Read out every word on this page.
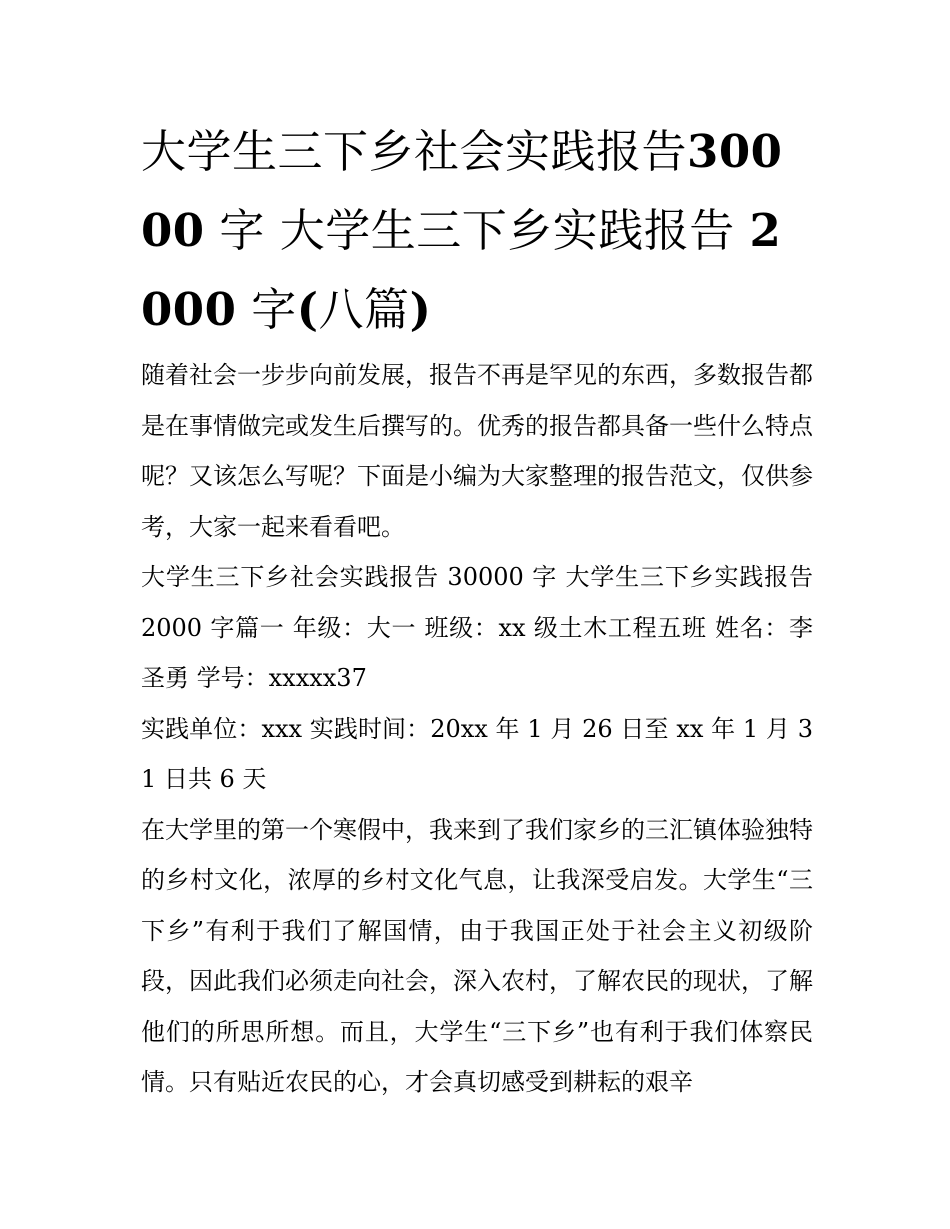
大学生三下乡社会实践报告30000 字 大学生三下乡实践报告 2000 字(八篇)

随着社会一步步向前发展，报告不再是罕见的东西，多数报告都是在事情做完或发生后撰写的。优秀的报告都具备一些什么特点呢？又该怎么写呢？下面是小编为大家整理的报告范文，仅供参考，大家一起来看看吧。

大学生三下乡社会实践报告 30000 字 大学生三下乡实践报告 2000 字篇一 年级：大一 班级：xx 级土木工程五班 姓名：李圣勇 学号：xxxxx37

实践单位：xxx 实践时间：20xx 年 1 月 26 日至 xx 年 1 月 31 日共 6 天

在大学里的第一个寒假中，我来到了我们家乡的三汇镇体验独特的乡村文化，浓厚的乡村文化气息，让我深受启发。大学生“三下乡”有利于我们了解国情，由于我国正处于社会主义初级阶段，因此我们必须走向社会，深入农村，了解农民的现状，了解他们的所思所想。而且，大学生“三下乡”也有利于我们体察民情。只有贴近农民的心，才会真切感受到耕耘的艰辛
